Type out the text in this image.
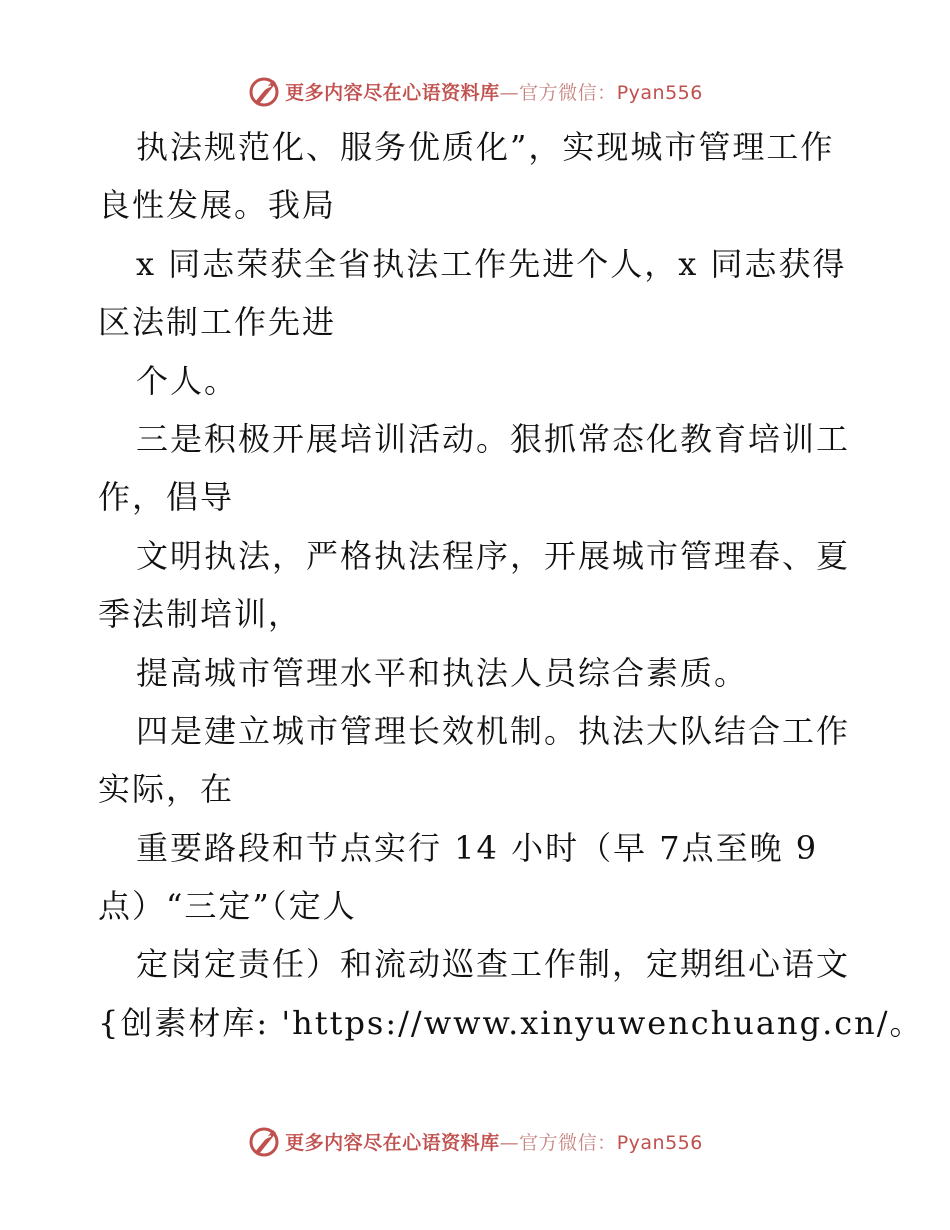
更多内容尽在心语资料库—官方微信：Pyan556
执法规范化、服务优质化”，实现城市管理工作
良性发展。我局
x 同志荣获全省执法工作先进个人，x 同志获得
区法制工作先进
个人。
三是积极开展培训活动。狠抓常态化教育培训工
作，倡导
文明执法，严格执法程序，开展城市管理春、夏
季法制培训，
提高城市管理水平和执法人员综合素质。
四是建立城市管理长效机制。执法大队结合工作
实际，在
重要路段和节点实行 14 小时（早 7点至晚 9
点）“三定”（定人
定岗定责任）和流动巡查工作制，定期组心语文
{创素材库: 'https://www.xinyuwenchuang.cn/。
更多内容尽在心语资料库—官方微信：Pyan556
